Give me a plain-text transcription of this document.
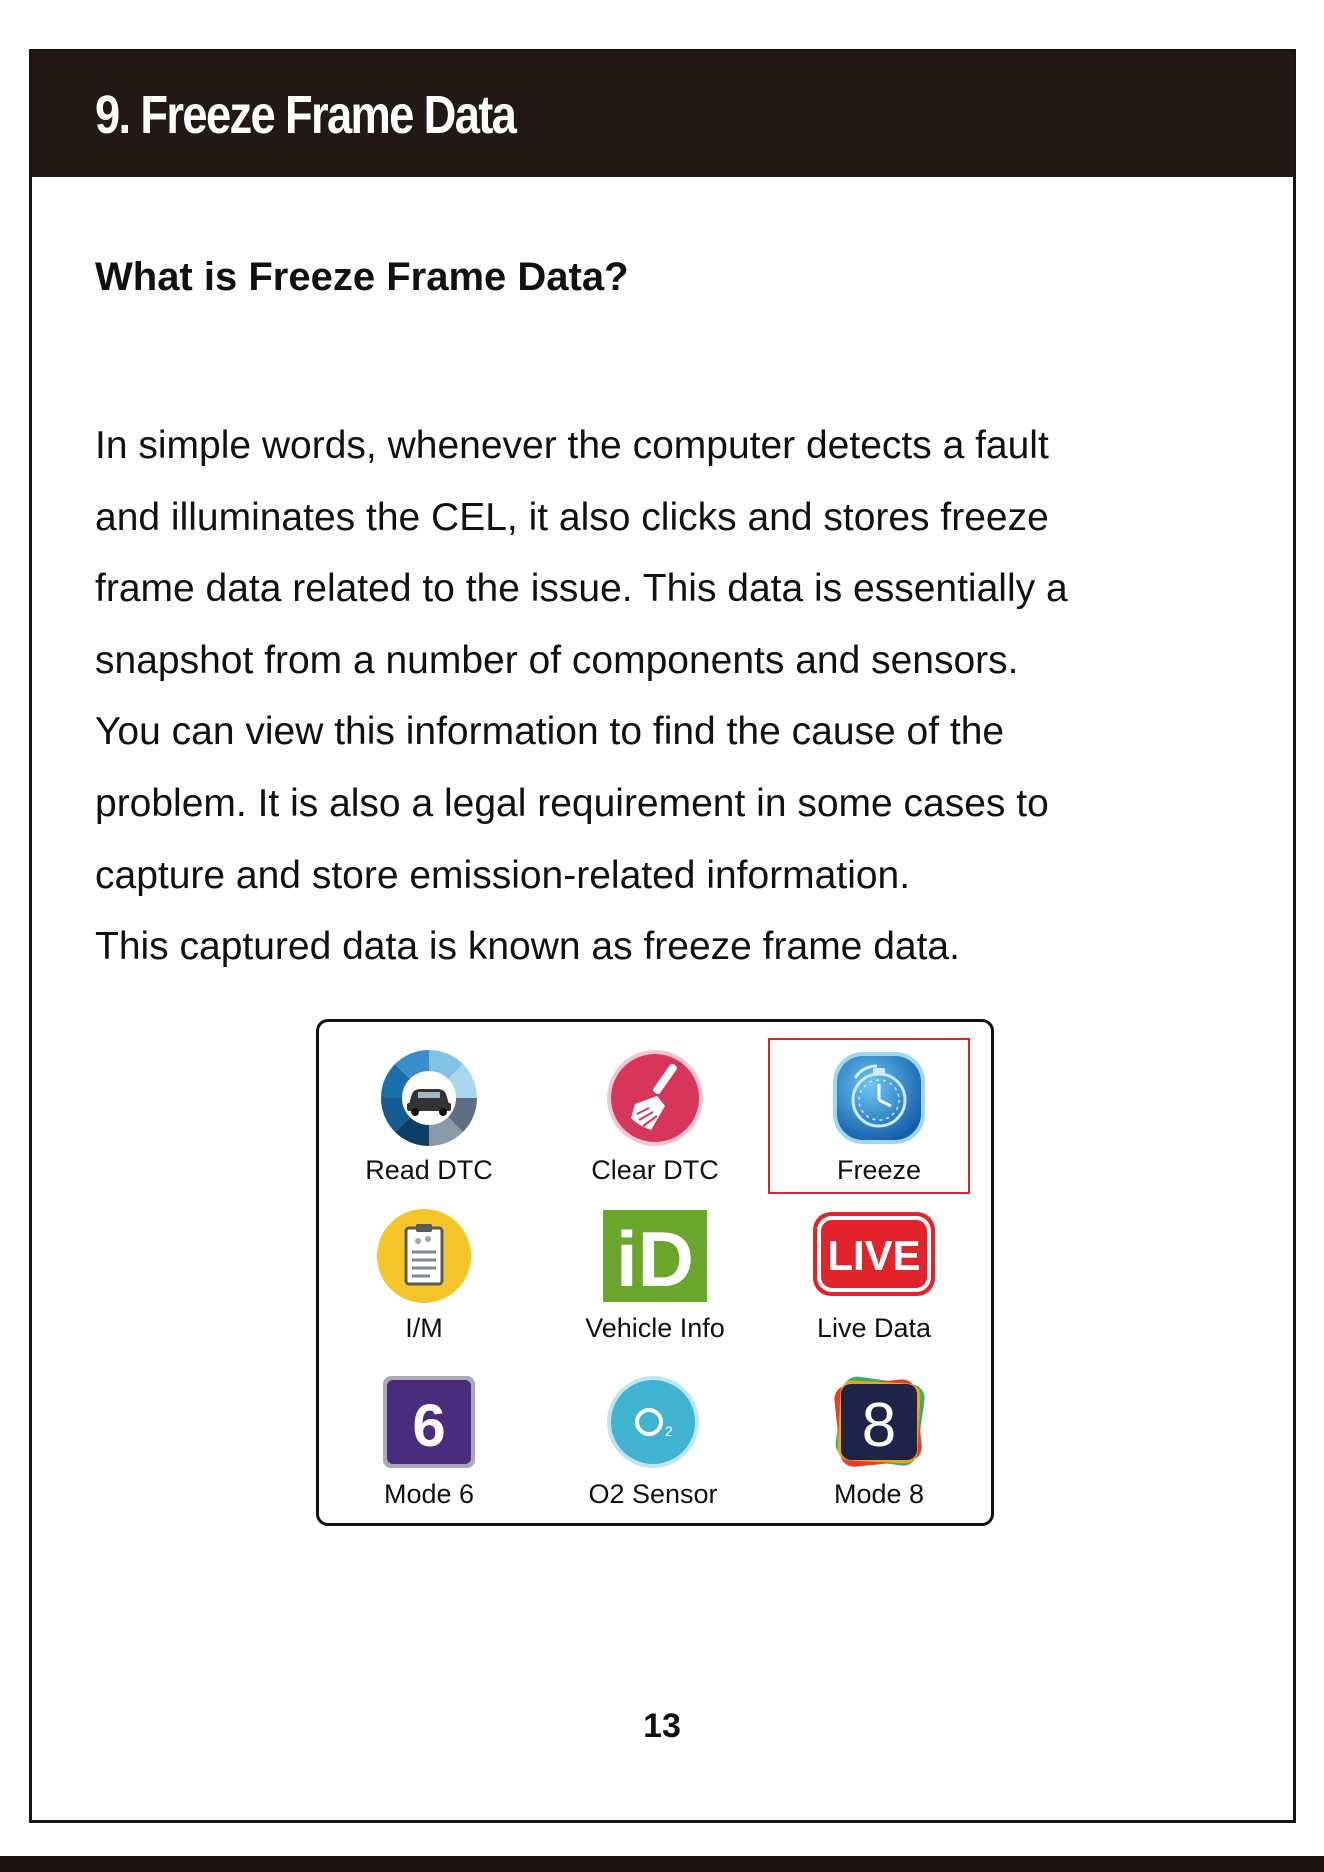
9. Freeze Frame Data
What is Freeze Frame Data?

In simple words, whenever the computer detects a fault
and illuminates the CEL, it also clicks and stores freeze
frame data related to the issue. This data is essentially a
snapshot from a number of components and sensors.
You can view this information to find the cause of the
problem. It is also a legal requirement in some cases to
capture and store emission-related information.
This captured data is known as freeze frame data.

Read DTC	Clear DTC	Freeze
I/M
iD
Vehicle Info
LIVE
Live Data
6
Mode 6
2
O2 Sensor
8
Mode 8
13
